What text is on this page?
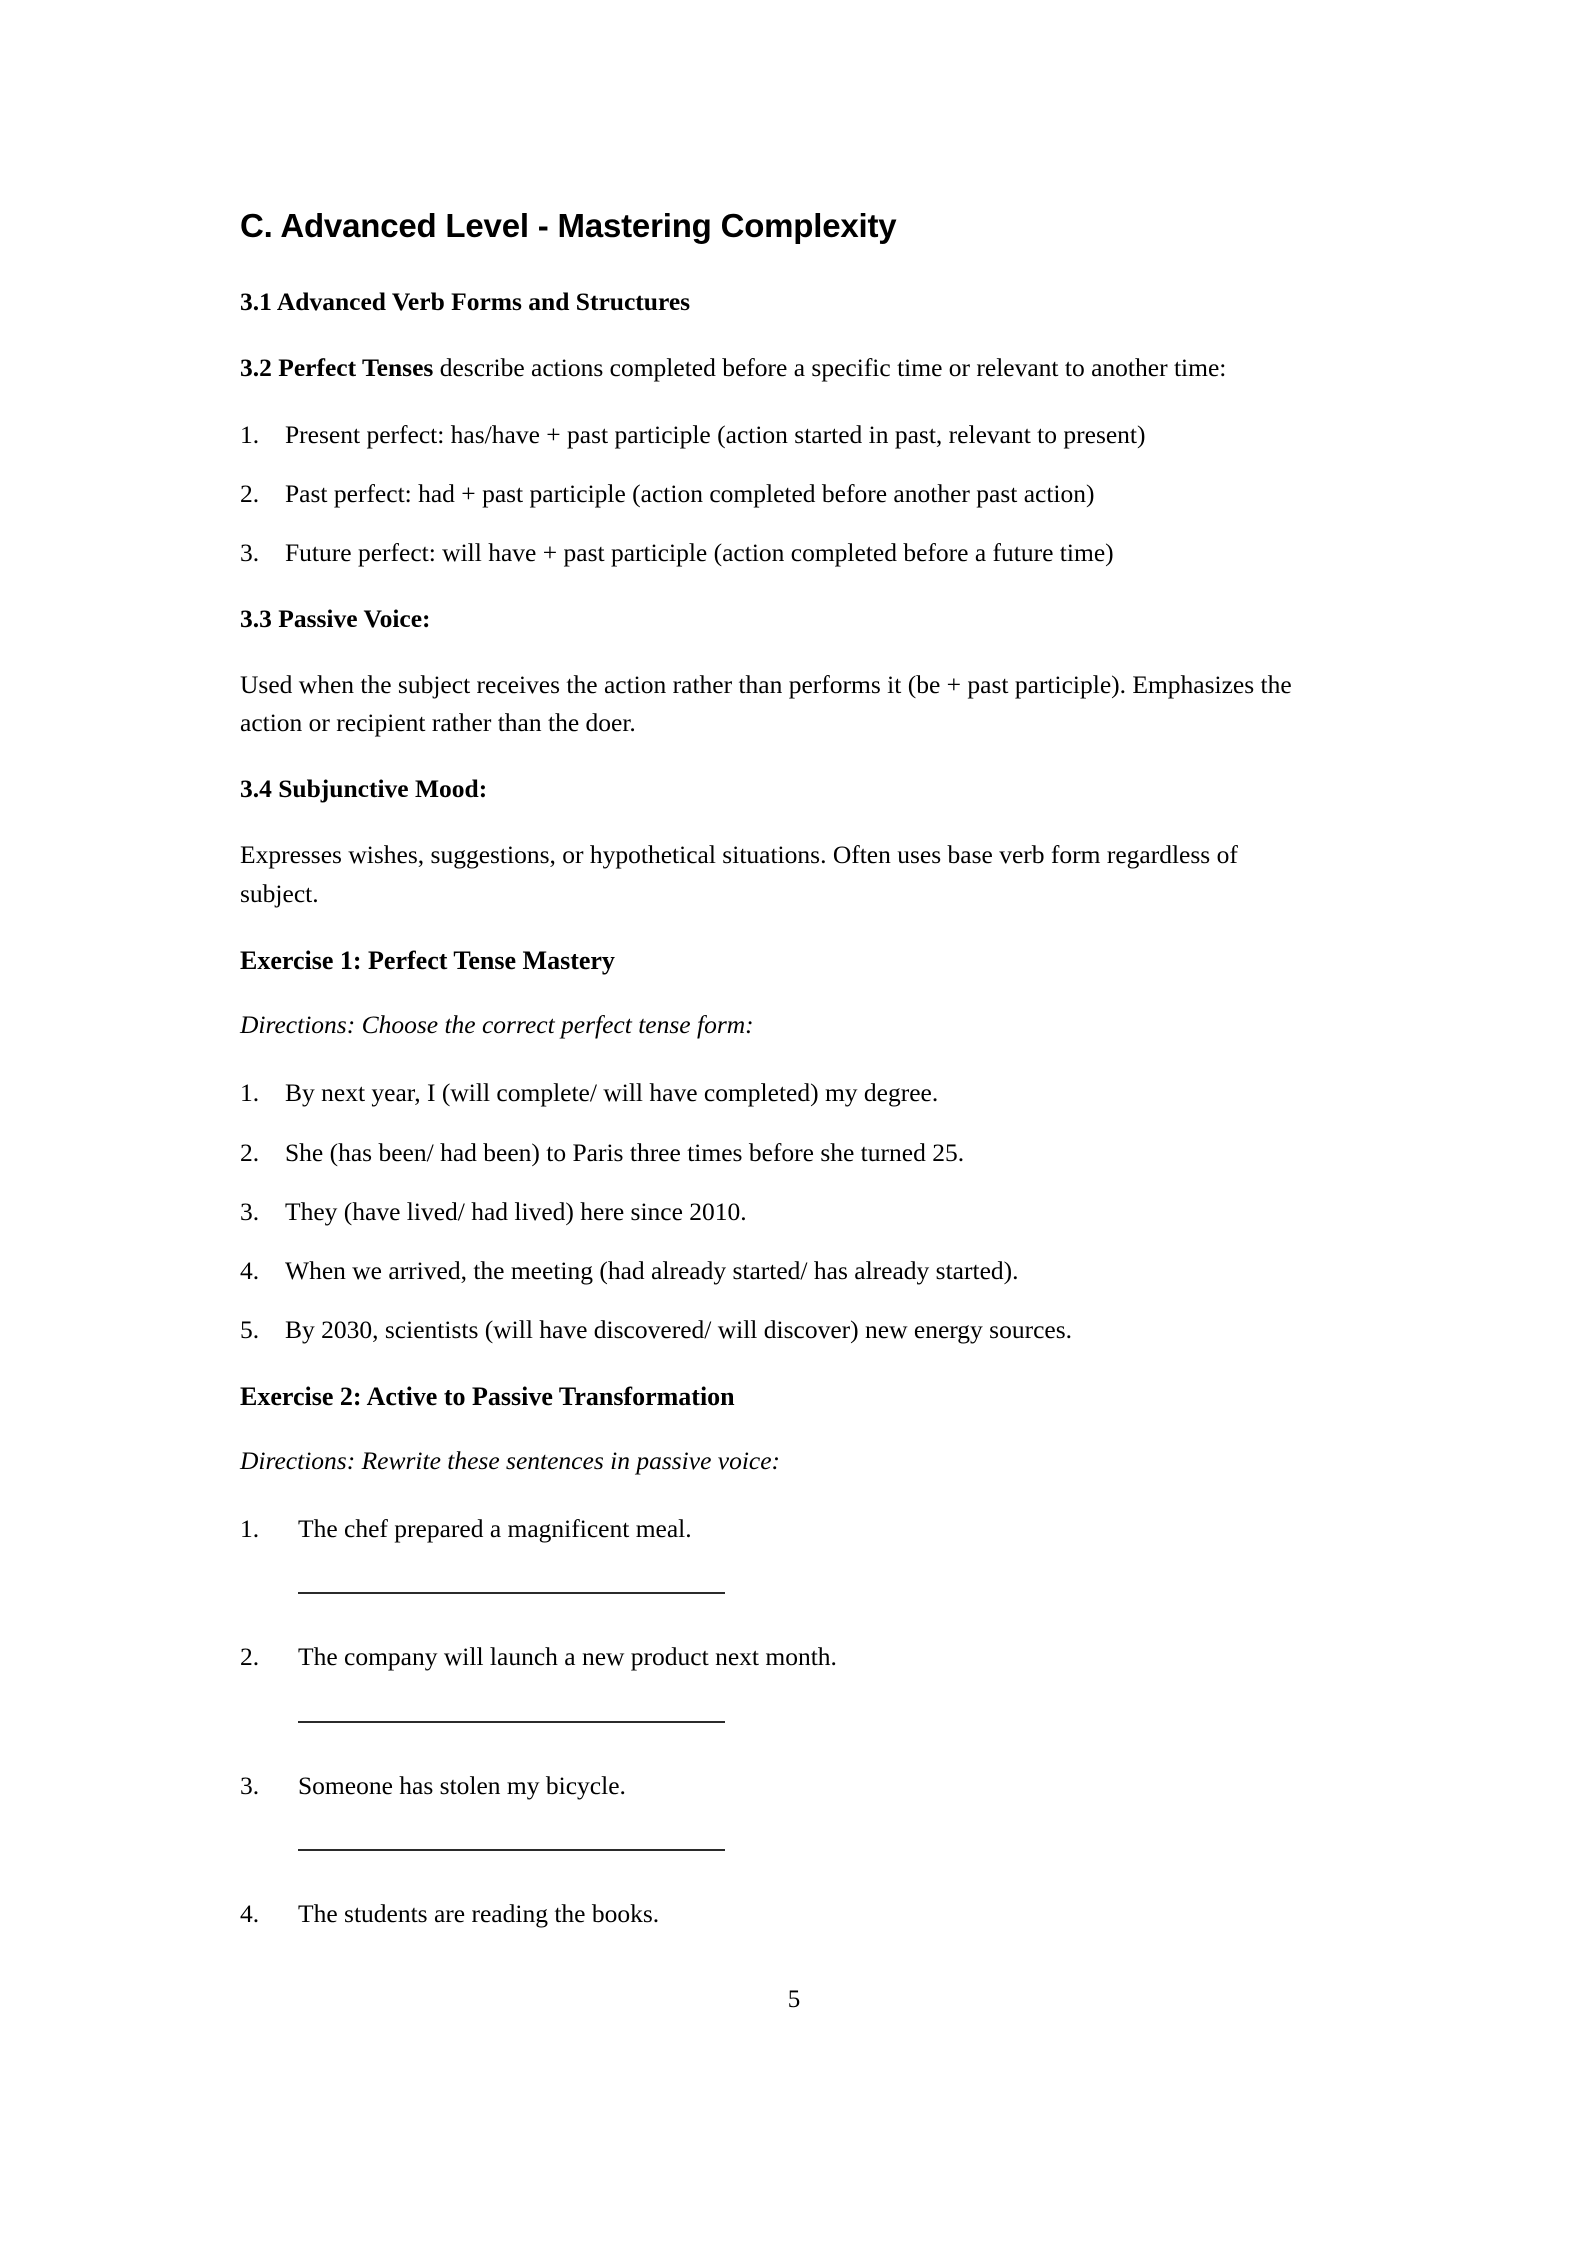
C. Advanced Level - Mastering Complexity

3.1 Advanced Verb Forms and Structures

3.2 Perfect Tenses describe actions completed before a specific time or relevant to another time:

1.	Present perfect: has/have + past participle (action started in past, relevant to present)
2.	Past perfect: had + past participle (action completed before another past action)
3.	Future perfect: will have + past participle (action completed before a future time)

3.3 Passive Voice:

Used when the subject receives the action rather than performs it (be + past participle). Emphasizes the action or recipient rather than the doer.

3.4 Subjunctive Mood:

Expresses wishes, suggestions, or hypothetical situations. Often uses base verb form regardless of subject.

Exercise 1: Perfect Tense Mastery

Directions: Choose the correct perfect tense form:

1.	By next year, I (will complete/ will have completed) my degree.
2.	She (has been/ had been) to Paris three times before she turned 25.
3.	They (have lived/ had lived) here since 2010.
4.	When we arrived, the meeting (had already started/ has already started).
5.	By 2030, scientists (will have discovered/ will discover) new energy sources.

Exercise 2: Active to Passive Transformation

Directions: Rewrite these sentences in passive voice:

1.	The chef prepared a magnificent meal.
2.	The company will launch a new product next month.
3.	Someone has stolen my bicycle.
4.	The students are reading the books.
5
